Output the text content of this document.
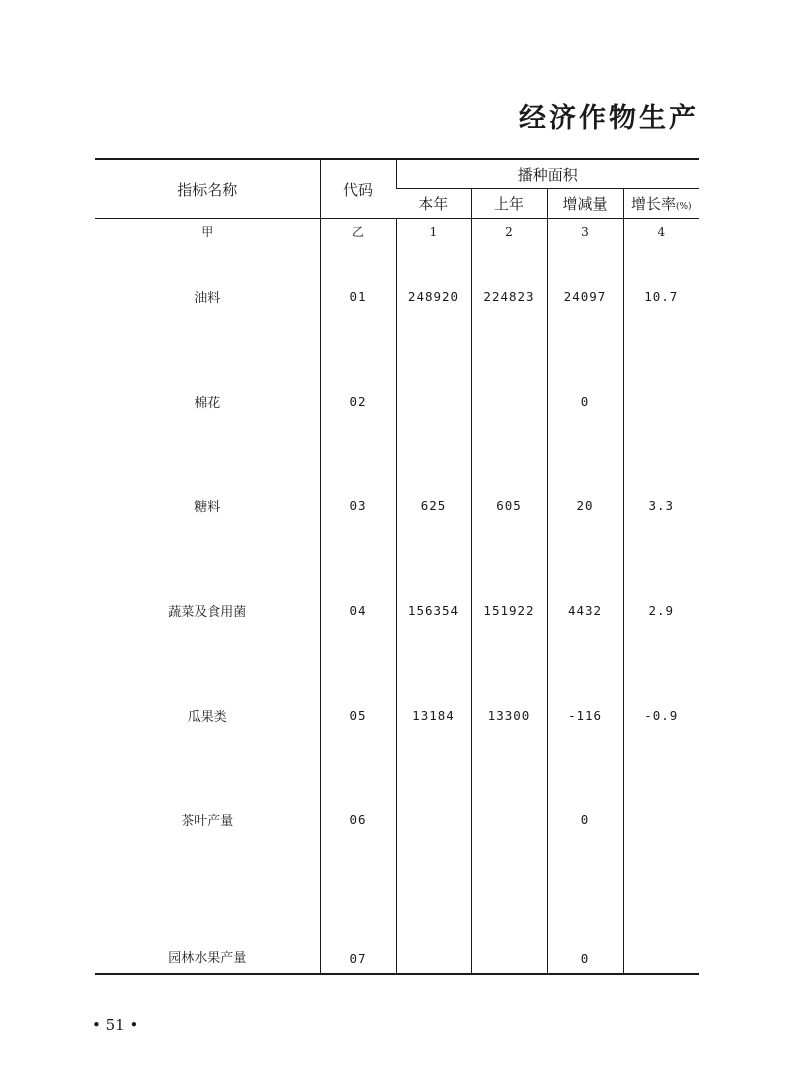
经济作物生产
指标名称	代码	播种面积			
		本年	上年	增减量	增长率(%)
甲	乙	1	2	3	4
油料	01	248920	224823	24097	10.7
棉花	02			0	
糖料	03	625	605	20	3.3
蔬菜及食用菌	04	156354	151922	4432	2.9
瓜果类	05	13184	13300	-116	-0.9
茶叶产量	06			0	
园林水果产量	07			0	
• 51 •
